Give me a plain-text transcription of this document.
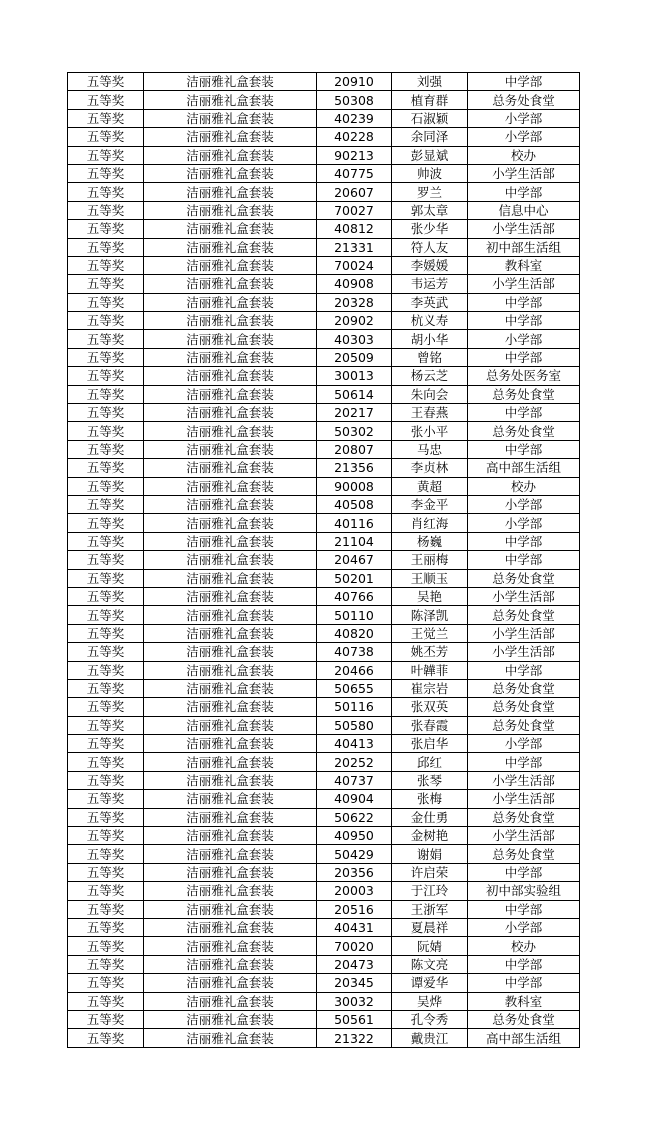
五等奖	洁丽雅礼盒套装	20910	刘强	中学部
五等奖	洁丽雅礼盒套装	50308	植育群	总务处食堂
五等奖	洁丽雅礼盒套装	40239	石淑颖	小学部
五等奖	洁丽雅礼盒套装	40228	余同泽	小学部
五等奖	洁丽雅礼盒套装	90213	彭显斌	校办
五等奖	洁丽雅礼盒套装	40775	帅波	小学生活部
五等奖	洁丽雅礼盒套装	20607	罗兰	中学部
五等奖	洁丽雅礼盒套装	70027	郭太章	信息中心
五等奖	洁丽雅礼盒套装	40812	张少华	小学生活部
五等奖	洁丽雅礼盒套装	21331	符人友	初中部生活组
五等奖	洁丽雅礼盒套装	70024	李媛媛	教科室
五等奖	洁丽雅礼盒套装	40908	韦运芳	小学生活部
五等奖	洁丽雅礼盒套装	20328	李英武	中学部
五等奖	洁丽雅礼盒套装	20902	杭义寿	中学部
五等奖	洁丽雅礼盒套装	40303	胡小华	小学部
五等奖	洁丽雅礼盒套装	20509	曾铭	中学部
五等奖	洁丽雅礼盒套装	30013	杨云芝	总务处医务室
五等奖	洁丽雅礼盒套装	50614	朱向会	总务处食堂
五等奖	洁丽雅礼盒套装	20217	王春燕	中学部
五等奖	洁丽雅礼盒套装	50302	张小平	总务处食堂
五等奖	洁丽雅礼盒套装	20807	马忠	中学部
五等奖	洁丽雅礼盒套装	21356	李贞林	高中部生活组
五等奖	洁丽雅礼盒套装	90008	黄超	校办
五等奖	洁丽雅礼盒套装	40508	李金平	小学部
五等奖	洁丽雅礼盒套装	40116	肖红海	小学部
五等奖	洁丽雅礼盒套装	21104	杨巍	中学部
五等奖	洁丽雅礼盒套装	20467	王丽梅	中学部
五等奖	洁丽雅礼盒套装	50201	王顺玉	总务处食堂
五等奖	洁丽雅礼盒套装	40766	吴艳	小学生活部
五等奖	洁丽雅礼盒套装	50110	陈泽凯	总务处食堂
五等奖	洁丽雅礼盒套装	40820	王觉兰	小学生活部
五等奖	洁丽雅礼盒套装	40738	姚丕芳	小学生活部
五等奖	洁丽雅礼盒套装	20466	叶韡菲	中学部
五等奖	洁丽雅礼盒套装	50655	崔宗岩	总务处食堂
五等奖	洁丽雅礼盒套装	50116	张双英	总务处食堂
五等奖	洁丽雅礼盒套装	50580	张春霞	总务处食堂
五等奖	洁丽雅礼盒套装	40413	张启华	小学部
五等奖	洁丽雅礼盒套装	20252	邱红	中学部
五等奖	洁丽雅礼盒套装	40737	张琴	小学生活部
五等奖	洁丽雅礼盒套装	40904	张梅	小学生活部
五等奖	洁丽雅礼盒套装	50622	金仕勇	总务处食堂
五等奖	洁丽雅礼盒套装	40950	金树艳	小学生活部
五等奖	洁丽雅礼盒套装	50429	谢娟	总务处食堂
五等奖	洁丽雅礼盒套装	20356	许启荣	中学部
五等奖	洁丽雅礼盒套装	20003	于江玲	初中部实验组
五等奖	洁丽雅礼盒套装	20516	王浙军	中学部
五等奖	洁丽雅礼盒套装	40431	夏晨祥	小学部
五等奖	洁丽雅礼盒套装	70020	阮婧	校办
五等奖	洁丽雅礼盒套装	20473	陈文亮	中学部
五等奖	洁丽雅礼盒套装	20345	谭爱华	中学部
五等奖	洁丽雅礼盒套装	30032	吴烨	教科室
五等奖	洁丽雅礼盒套装	50561	孔令秀	总务处食堂
五等奖	洁丽雅礼盒套装	21322	戴贵江	高中部生活组
